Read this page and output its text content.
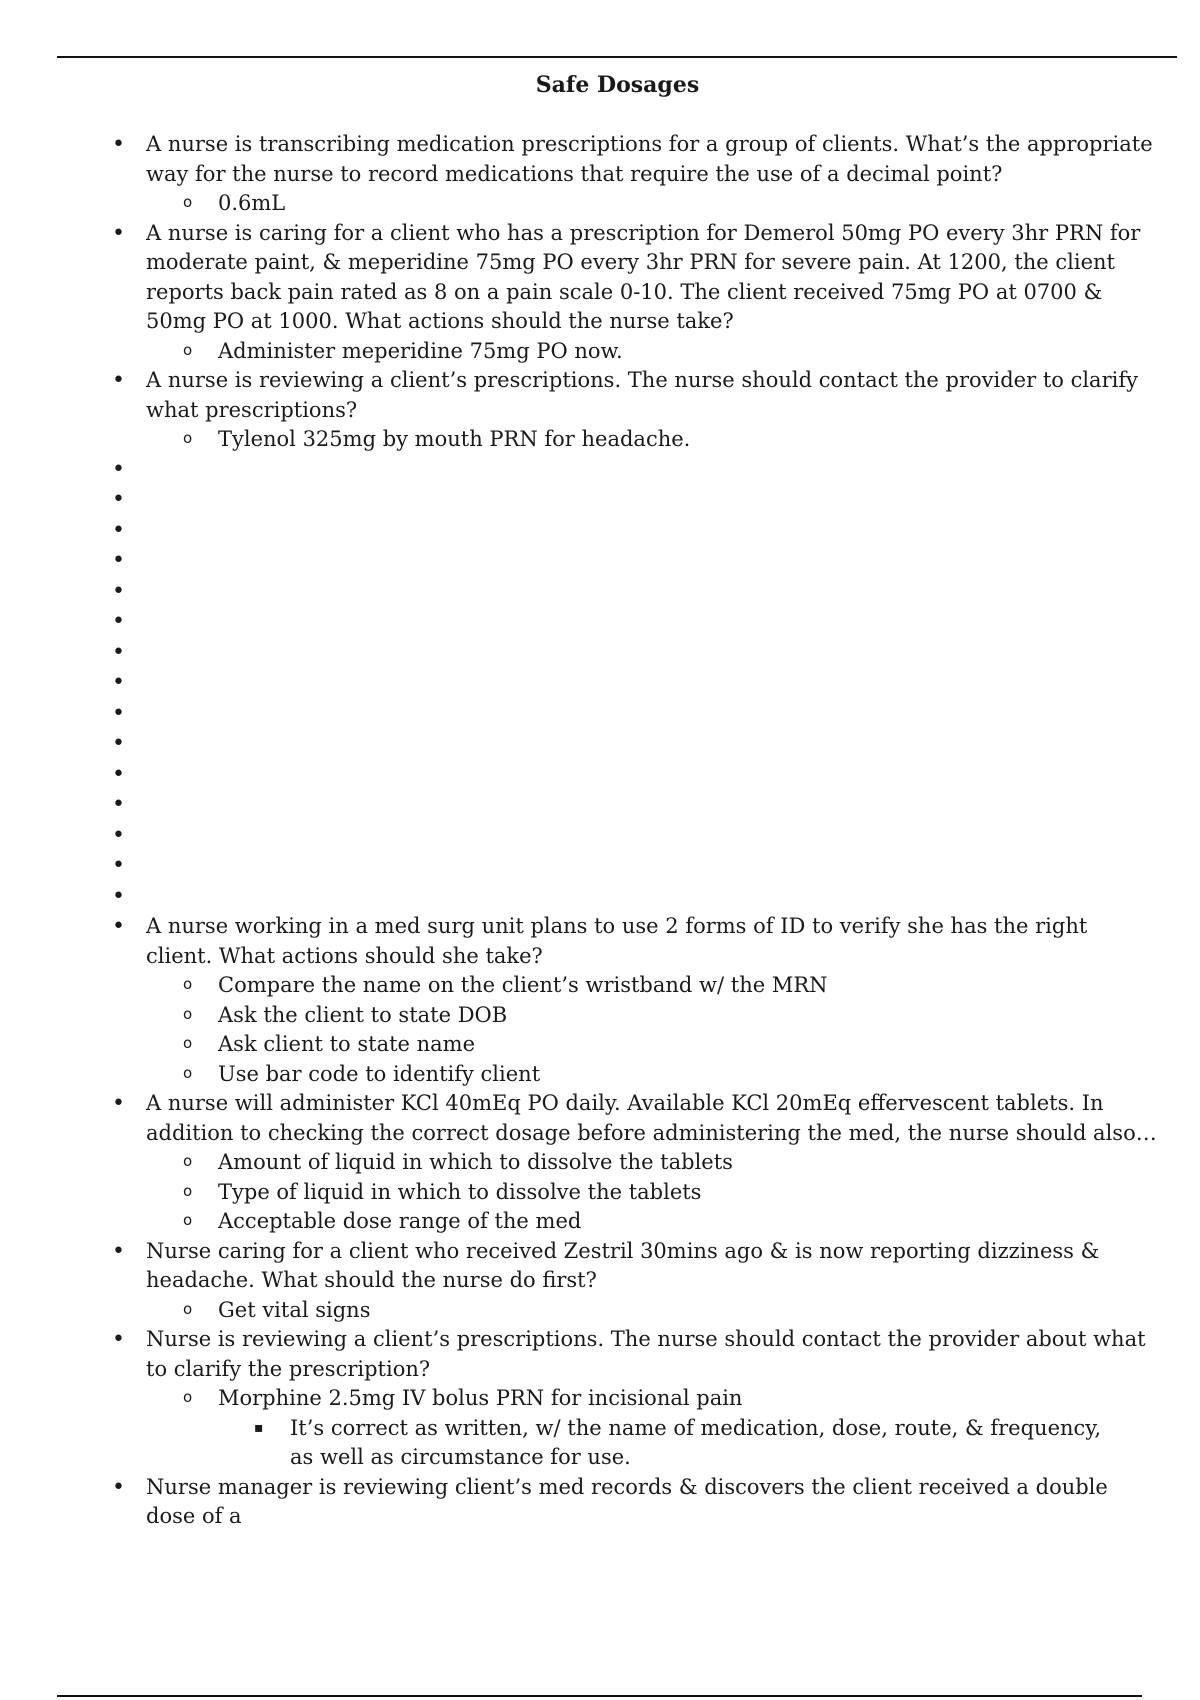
Safe Dosages
• A nurse is transcribing medication prescriptions for a group of clients. What’s the appropriate way for the nurse to record medications that require the use of a decimal point?
o 0.6mL
• A nurse is caring for a client who has a prescription for Demerol 50mg PO every 3hr PRN for moderate paint, & meperidine 75mg PO every 3hr PRN for severe pain. At 1200, the client reports back pain rated as 8 on a pain scale 0-10. The client received 75mg PO at 0700 & 50mg PO at 1000. What actions should the nurse take?
o Administer meperidine 75mg PO now.
• A nurse is reviewing a client’s prescriptions. The nurse should contact the provider to clarify what prescriptions?
o Tylenol 325mg by mouth PRN for headache.
•
•
•
•
•
•
•
•
•
•
•
•
•
•
•
• A nurse working in a med surg unit plans to use 2 forms of ID to verify she has the right client. What actions should she take?
o Compare the name on the client’s wristband w/ the MRN
o Ask the client to state DOB
o Ask client to state name
o Use bar code to identify client
• A nurse will administer KCl 40mEq PO daily. Available KCl 20mEq effervescent tablets. In addition to checking the correct dosage before administering the med, the nurse should also…
o Amount of liquid in which to dissolve the tablets
o Type of liquid in which to dissolve the tablets
o Acceptable dose range of the med
• Nurse caring for a client who received Zestril 30mins ago & is now reporting dizziness & headache. What should the nurse do first?
o Get vital signs
• Nurse is reviewing a client’s prescriptions. The nurse should contact the provider about what to clarify the prescription?
o Morphine 2.5mg IV bolus PRN for incisional pain
▪ It’s correct as written, w/ the name of medication, dose, route, & frequency, as well as circumstance for use.
• Nurse manager is reviewing client’s med records & discovers the client received a double dose of a
